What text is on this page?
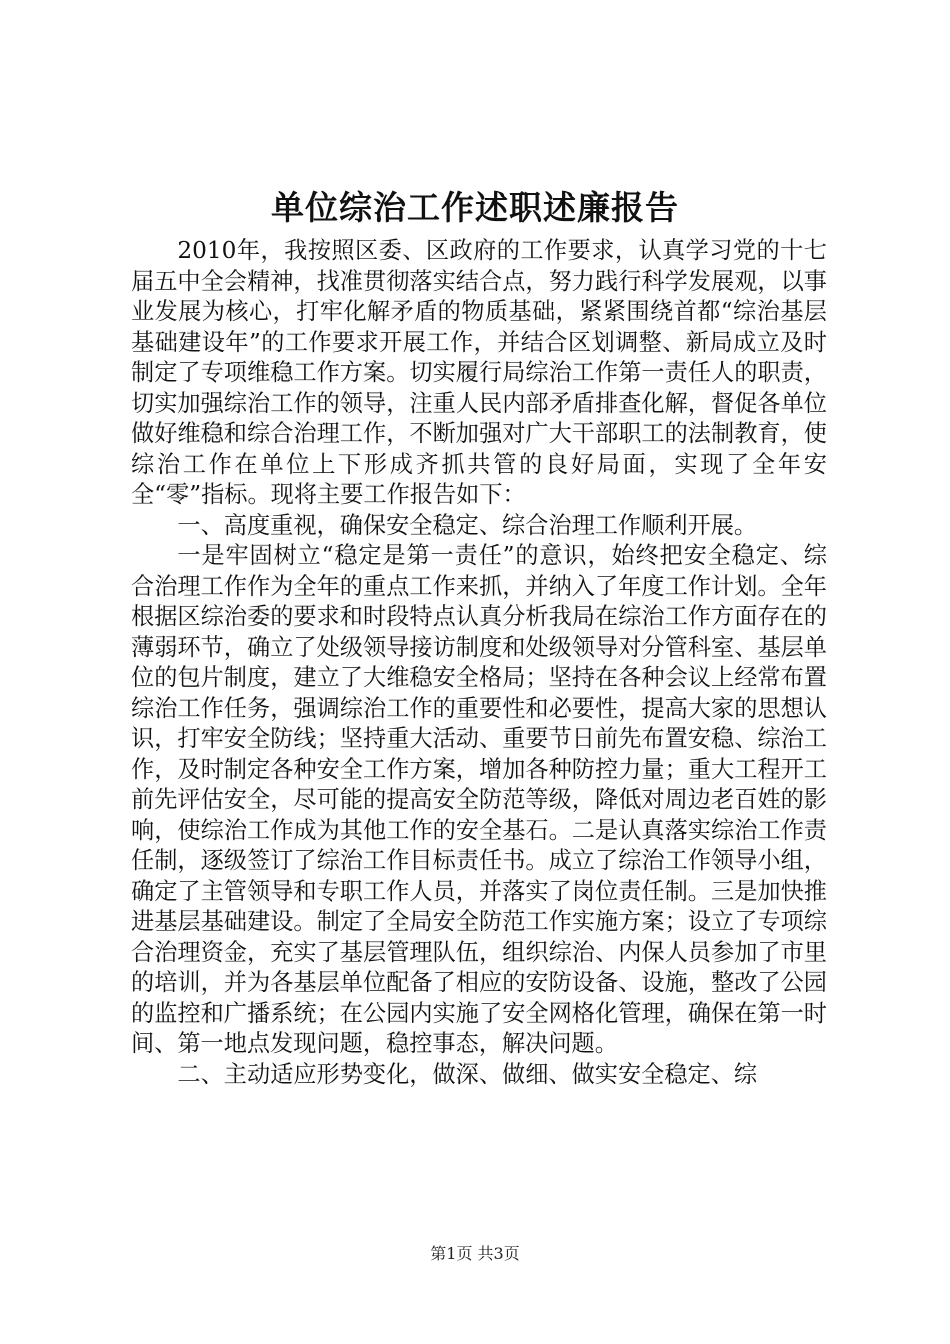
单位综治工作述职述廉报告

2010年，我按照区委、区政府的工作要求，认真学习党的十七届五中全会精神，找准贯彻落实结合点，努力践行科学发展观，以事业发展为核心，打牢化解矛盾的物质基础，紧紧围绕首都“综治基层基础建设年”的工作要求开展工作，并结合区划调整、新局成立及时制定了专项维稳工作方案。切实履行局综治工作第一责任人的职责，切实加强综治工作的领导，注重人民内部矛盾排查化解，督促各单位做好维稳和综合治理工作，不断加强对广大干部职工的法制教育，使综治工作在单位上下形成齐抓共管的良好局面，实现了全年安全“零”指标。现将主要工作报告如下：

一、高度重视，确保安全稳定、综合治理工作顺利开展。

一是牢固树立“稳定是第一责任”的意识，始终把安全稳定、综合治理工作作为全年的重点工作来抓，并纳入了年度工作计划。全年根据区综治委的要求和时段特点认真分析我局在综治工作方面存在的薄弱环节，确立了处级领导接访制度和处级领导对分管科室、基层单位的包片制度，建立了大维稳安全格局；坚持在各种会议上经常布置综治工作任务，强调综治工作的重要性和必要性，提高大家的思想认识，打牢安全防线；坚持重大活动、重要节日前先布置安稳、综治工作，及时制定各种安全工作方案，增加各种防控力量；重大工程开工前先评估安全，尽可能的提高安全防范等级，降低对周边老百姓的影响，使综治工作成为其他工作的安全基石。二是认真落实综治工作责任制，逐级签订了综治工作目标责任书。成立了综治工作领导小组，确定了主管领导和专职工作人员，并落实了岗位责任制。三是加快推进基层基础建设。制定了全局安全防范工作实施方案；设立了专项综合治理资金，充实了基层管理队伍，组织综治、内保人员参加了市里的培训，并为各基层单位配备了相应的安防设备、设施，整改了公园的监控和广播系统；在公园内实施了安全网格化管理，确保在第一时间、第一地点发现问题，稳控事态，解决问题。

二、主动适应形势变化，做深、做细、做实安全稳定、综

第1页 共3页
